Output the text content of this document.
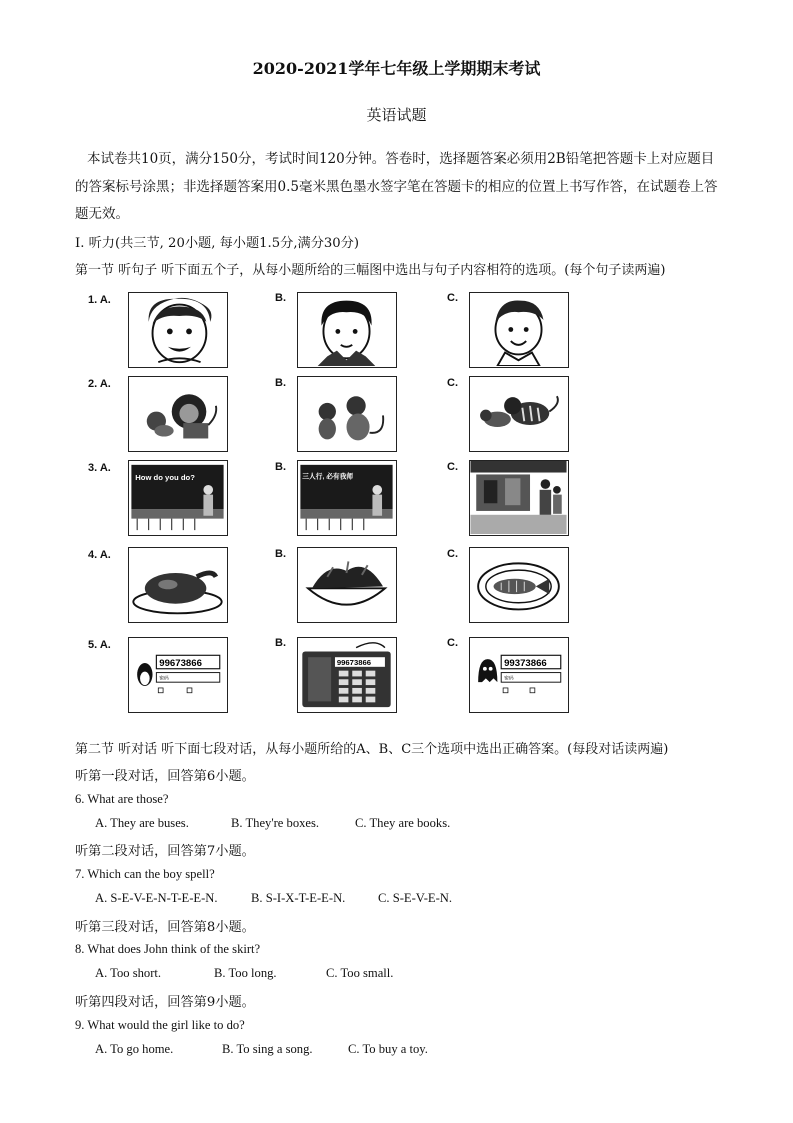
2020-2021学年七年级上学期期末考试
英语试题
本试卷共10页，满分150分，考试时间120分钟。答卷时，选择题答案必须用2B铅笔把答题卡上对应题目的答案标号涂黑；非选择题答案用0.5毫米黑色墨水签字笔在答题卡的相应的位置上书写作答，在试题卷上答题无效。
I. 听力(共三节, 20小题, 每小题1.5分,满分30分)
第一节 听句子 听下面五个子，从每小题所给的三幅图中选出与句子内容相符的选项。(每个句子读两遍)
1. A.	B.	C.
2. A.	B.	C.
3. A.	B.	C.
How do you do?	三人行, 必有我师
4. A.	B.	C.
5. A.	B.	C.
99673866
密码
99673866	99373866
密码
第二节 听对话 听下面七段对话，从每小题所给的A、B、C三个选项中选出正确答案。(每段对话读两遍)
听第一段对话，回答第6小题。
6. What are those?
A. They are buses.	B. They're boxes.	C. They are books.
听第二段对话，回答第7小题。
7. Which can the boy spell?
A. S-E-V-E-N-T-E-E-N.	B. S-I-X-T-E-E-N.	C. S-E-V-E-N.
听第三段对话，回答第8小题。
8. What does John think of the skirt?
A. Too short.	B. Too long.	C. Too small.
听第四段对话，回答第9小题。
9. What would the girl like to do?
A. To go home.	B. To sing a song.	C. To buy a toy.
